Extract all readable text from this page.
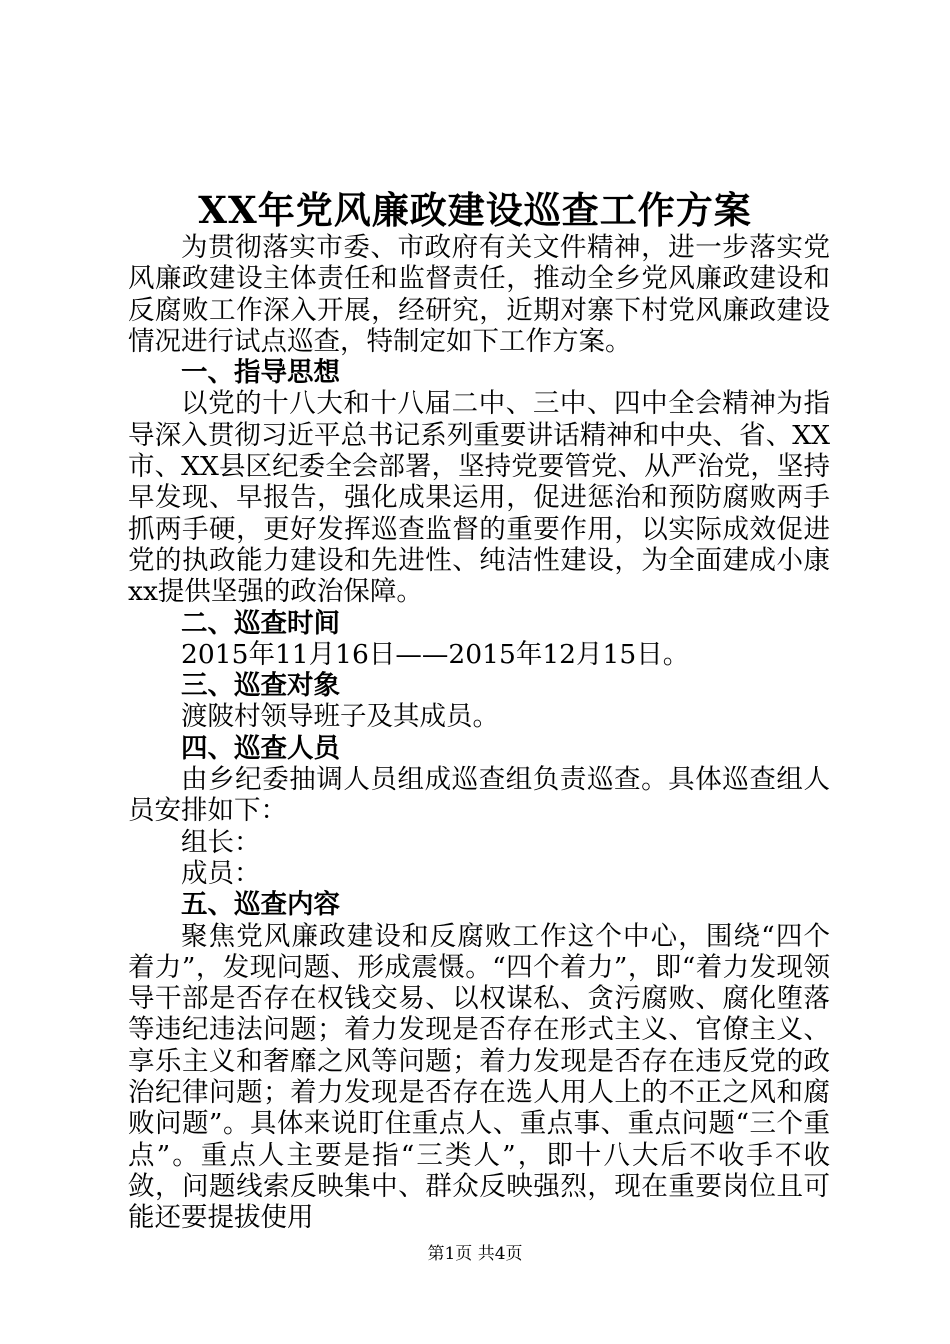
XX年党风廉政建设巡查工作方案

为贯彻落实市委、市政府有关文件精神，进一步落实党风廉政建设主体责任和监督责任，推动全乡党风廉政建设和反腐败工作深入开展，经研究，近期对寨下村党风廉政建设情况进行试点巡查，特制定如下工作方案。

一、指导思想

以党的十八大和十八届二中、三中、四中全会精神为指导深入贯彻习近平总书记系列重要讲话精神和中央、省、XX市、XX县区纪委全会部署，坚持党要管党、从严治党，坚持早发现、早报告，强化成果运用，促进惩治和预防腐败两手抓两手硬，更好发挥巡查监督的重要作用，以实际成效促进党的执政能力建设和先进性、纯洁性建设，为全面建成小康xx提供坚强的政治保障。

二、巡查时间

2015年11月16日——2015年12月15日。

三、巡查对象

渡陂村领导班子及其成员。

四、巡查人员

由乡纪委抽调人员组成巡查组负责巡查。具体巡查组人员安排如下：

组长：

成员：

五、巡查内容

聚焦党风廉政建设和反腐败工作这个中心，围绕“四个着力”，发现问题、形成震慑。“四个着力”，即“着力发现领导干部是否存在权钱交易、以权谋私、贪污腐败、腐化堕落等违纪违法问题；着力发现是否存在形式主义、官僚主义、享乐主义和奢靡之风等问题；着力发现是否存在违反党的政治纪律问题；着力发现是否存在选人用人上的不正之风和腐败问题”。具体来说盯住重点人、重点事、重点问题“三个重点”。重点人主要是指“三类人”，即十八大后不收手不收敛，问题线索反映集中、群众反映强烈，现在重要岗位且可能还要提拔使用

第1页 共4页
